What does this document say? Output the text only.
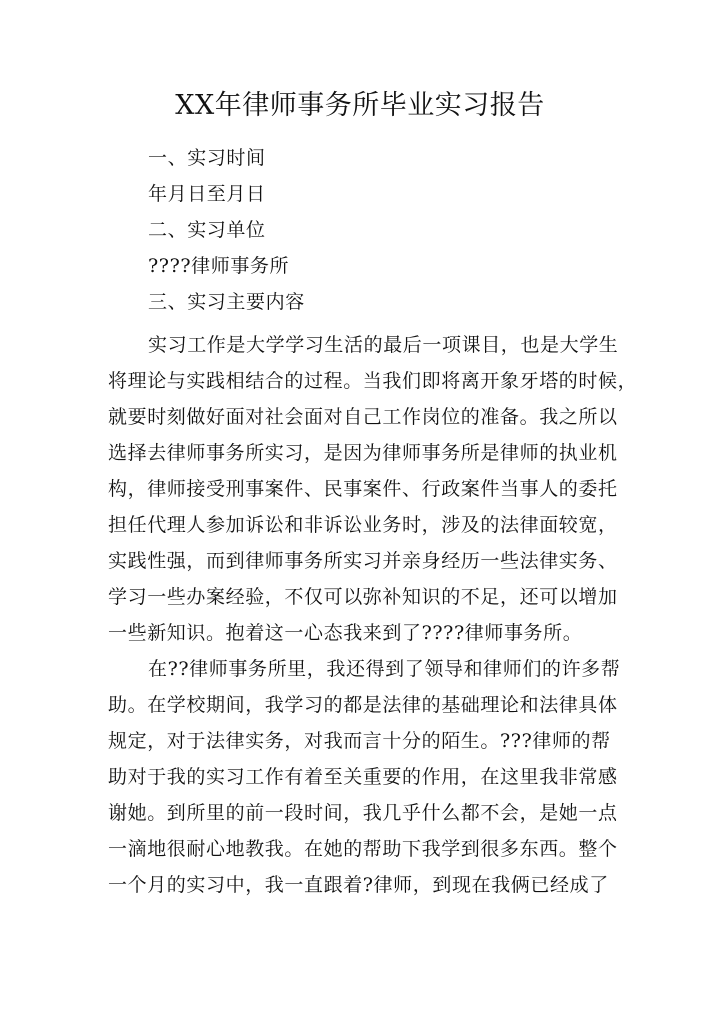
XX年律师事务所毕业实习报告
一、实习时间
年月日至月日
二、实习单位
????律师事务所
三、实习主要内容
实习工作是大学学习生活的最后一项课目，也是大学生
将理论与实践相结合的过程。当我们即将离开象牙塔的时候，
就要时刻做好面对社会面对自己工作岗位的准备。我之所以
选择去律师事务所实习，是因为律师事务所是律师的执业机
构，律师接受刑事案件、民事案件、行政案件当事人的委托
担任代理人参加诉讼和非诉讼业务时，涉及的法律面较宽，
实践性强，而到律师事务所实习并亲身经历一些法律实务、
学习一些办案经验，不仅可以弥补知识的不足，还可以增加
一些新知识。抱着这一心态我来到了????律师事务所。
在??律师事务所里，我还得到了领导和律师们的许多帮
助。在学校期间，我学习的都是法律的基础理论和法律具体
规定，对于法律实务，对我而言十分的陌生。???律师的帮
助对于我的实习工作有着至关重要的作用，在这里我非常感
谢她。到所里的前一段时间，我几乎什么都不会，是她一点
一滴地很耐心地教我。在她的帮助下我学到很多东西。整个
一个月的实习中，我一直跟着?律师，到现在我俩已经成了
